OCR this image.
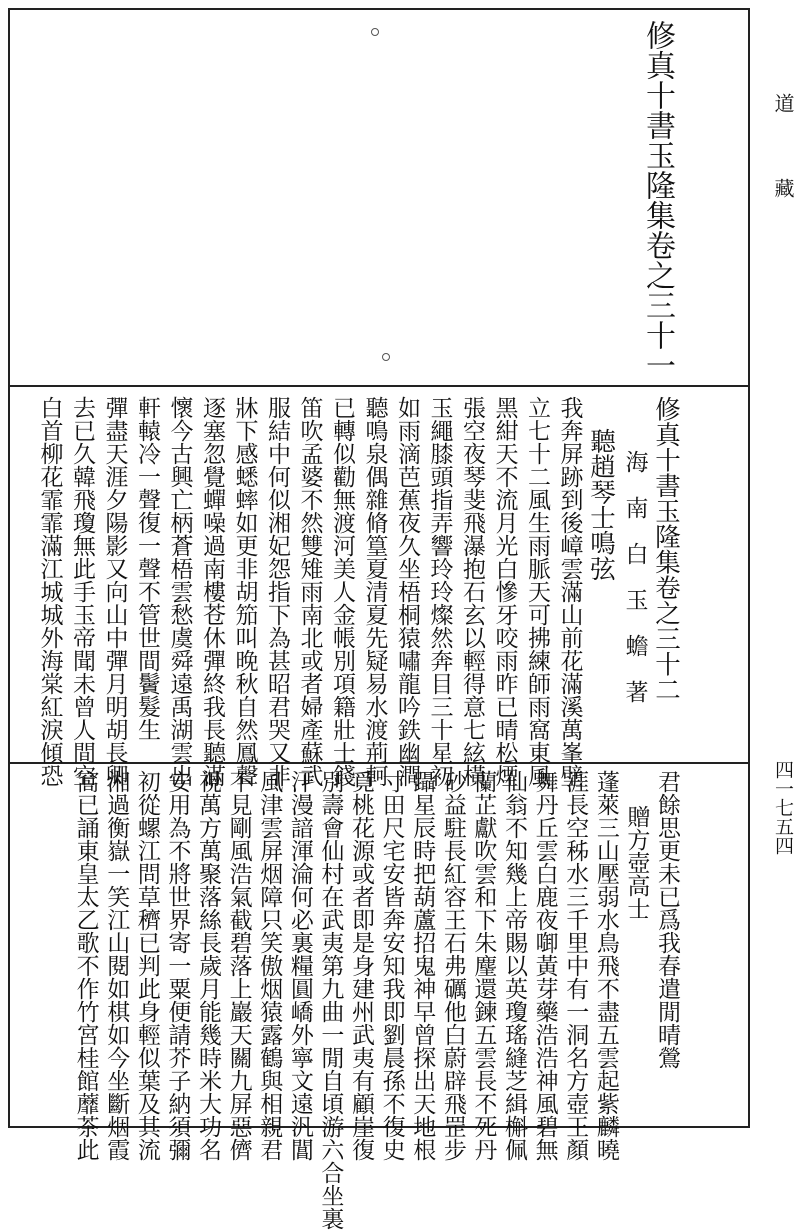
道
藏
四一七五四
修真十書玉隆集卷之三十一
修真十書玉隆集卷之三十二
海　南　白　玉　蟾　著
聽趙琴士鳴弦
我奔屏跡到後嶂雲滿山前花滿溪萬峯壁
立七十二風生雨脈天可拂練師雨窩東風
黑紺天不流月光白慘牙咬雨昨已晴松煙
張空夜琴斐飛瀑抱石玄以輕得意七絃橫
玉繩膝頭指弄響玲玲燦然奔目三十星初
如雨滴芭蕉夜久坐梧桐猿嘯龍吟鉄幽澗
聽鳴泉偶雜脩篁夏清夏先疑易水渡荊軻
已轉似勸無渡河美人金帳別項籍壯士錢
笛吹孟婆不然雙雉雨南北或者婦產蘇武
服結中何似湘妃怨指下為甚昭君哭又非
牀下感蟋蟀如更非胡笳叫晚秋自然鳳聲
逐塞忽覺蟬噪過南樓苍休彈終我長聽滿
懷今古興亡柄蒼梧雲愁虞舜遠禹湖雲出
軒轅冷一聲復一聲不管世間鬢髮生
彈盡天涯夕陽影又向山中彈月明胡長卿
去已久韓飛瓊無此手玉帝聞未曾人間空
白首柳花霏霏滿江城城外海棠紅淚傾恐
君餘思更未已爲我春遣閒晴鶯
贈方壺高士
蓬萊三山壓弱水鳥飛不盡五雲起紫麟曉
涯長空秭水三千里中有一洞名方壺王顏
舞丹丘雲白鹿夜啣黃芽藥浩浩神風碧無
仙翁不知幾上帝賜以英瓊瑤縫芝緝槲佩
蘭芷獻吹雲和下朱麈還鍊五雲長不死丹
砂益駐長紅容王石弗礪他白蔚辟飛罡步
躡星辰時把葫蘆招鬼神早曾探出天地根
寸田尺宅安皆奔安知我即劉晨孫不復史
覓桃花源或者即是身建州武夷有顧崖復
別壽會仙村在武夷第九曲一閒自頃游六合坐裏
汗漫諳渾淪何必裏糧圓嶠外寧文遠汎閶
風津雲屏烟障只笑傲烟猿露鶴與相親君
不見剛風浩氣截碧落上巖天關九屏惡儕
視萬方萬聚落絲長歲月能幾時米大功名
安用為不將世界寄一粟便請芥子納須彌
初從螺江問草穧已判此身輕似葉及其流
湘過衡嶽一笑江山閱如棋如今坐斷烟霞
窩已誦東皇太乙歌不作竹宮桂館蘼茶此
